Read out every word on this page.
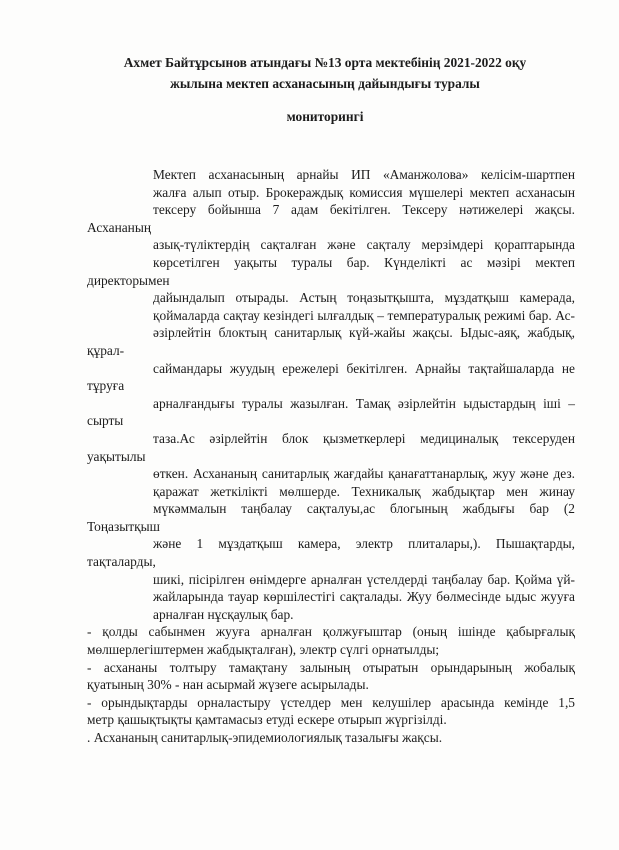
Ахмет Байтұрсынов атындағы №13 орта мектебінің 2021-2022 оқу
жылына мектеп асханасының дайындығы туралы
мониторингі

Мектеп асханасының арнайы ИП «Аманжолова» келісім-шартпен
жалға алып отыр. Брокераждық комиссия мүшелері мектеп асханасын
тексеру бойынша 7 адам бекітілген. Тексеру нәтижелері жақсы. Асхананың
азық-түліктердің сақталған және сақталу мерзімдері қорaптарында
көрсетілген уақыты туралы бар. Күнделікті ас мәзірі мектеп директорымен
дайындалып отырады. Астың тоңазытқышта, мұздатқыш камерада,
қоймаларда сақтау кезіндегі ылғалдық – температуралық режимі бар. Ас-
әзірлейтін блоктың санитарлық күй-жайы жақсы. Ыдыс-аяқ, жабдық, құрал-
саймандары жуудың ережелері бекітілген. Арнайы тақтайшаларда не тұруға
арналғандығы туралы жазылған. Тамақ әзірлейтін ыдыстардың іші –сырты
таза.Ас әзірлейтін блок қызметкерлері медициналық тексеруден уақытылы
өткен. Асхананың санитарлық жағдайы қанағаттанарлық, жуу және дез.
қаражат жеткілікті мөлшерде. Техникалық жабдықтар мен жинау
мүкәммалын таңбалау сақталуы,ас блогының жабдығы бар (2 Тоңазытқыш
және 1 мұздатқыш камера, электр плиталары,). Пышақтарды, тақталарды,
шикі, пісірілген өнімдерге арналған үстелдерді таңбалау бар. Қойма үй-
жайларында тауар көршілестігі сақталады. Жуу бөлмесінде ыдыс жууға
арналған нұсқаулық бар.

- қолды сабынмен жууға арналған қолжуғыштар (оның ішінде қабырғалық
мөлшерлегіштермен жабдықталған), электр сүлгі орнатылды;

- асхананы толтыру тамақтану залының отыратын орындарының жобалық
қуатының 30% - нан асырмай жүзеге асырылады.

- орындықтарды орналастыру үстелдер мен келушілер арасында кемінде 1,5
метр қашықтықты қамтамасыз етуді ескере отырып жүргізілді.

. Асхананың санитарлық-эпидемиологиялық тазалығы жақсы.
